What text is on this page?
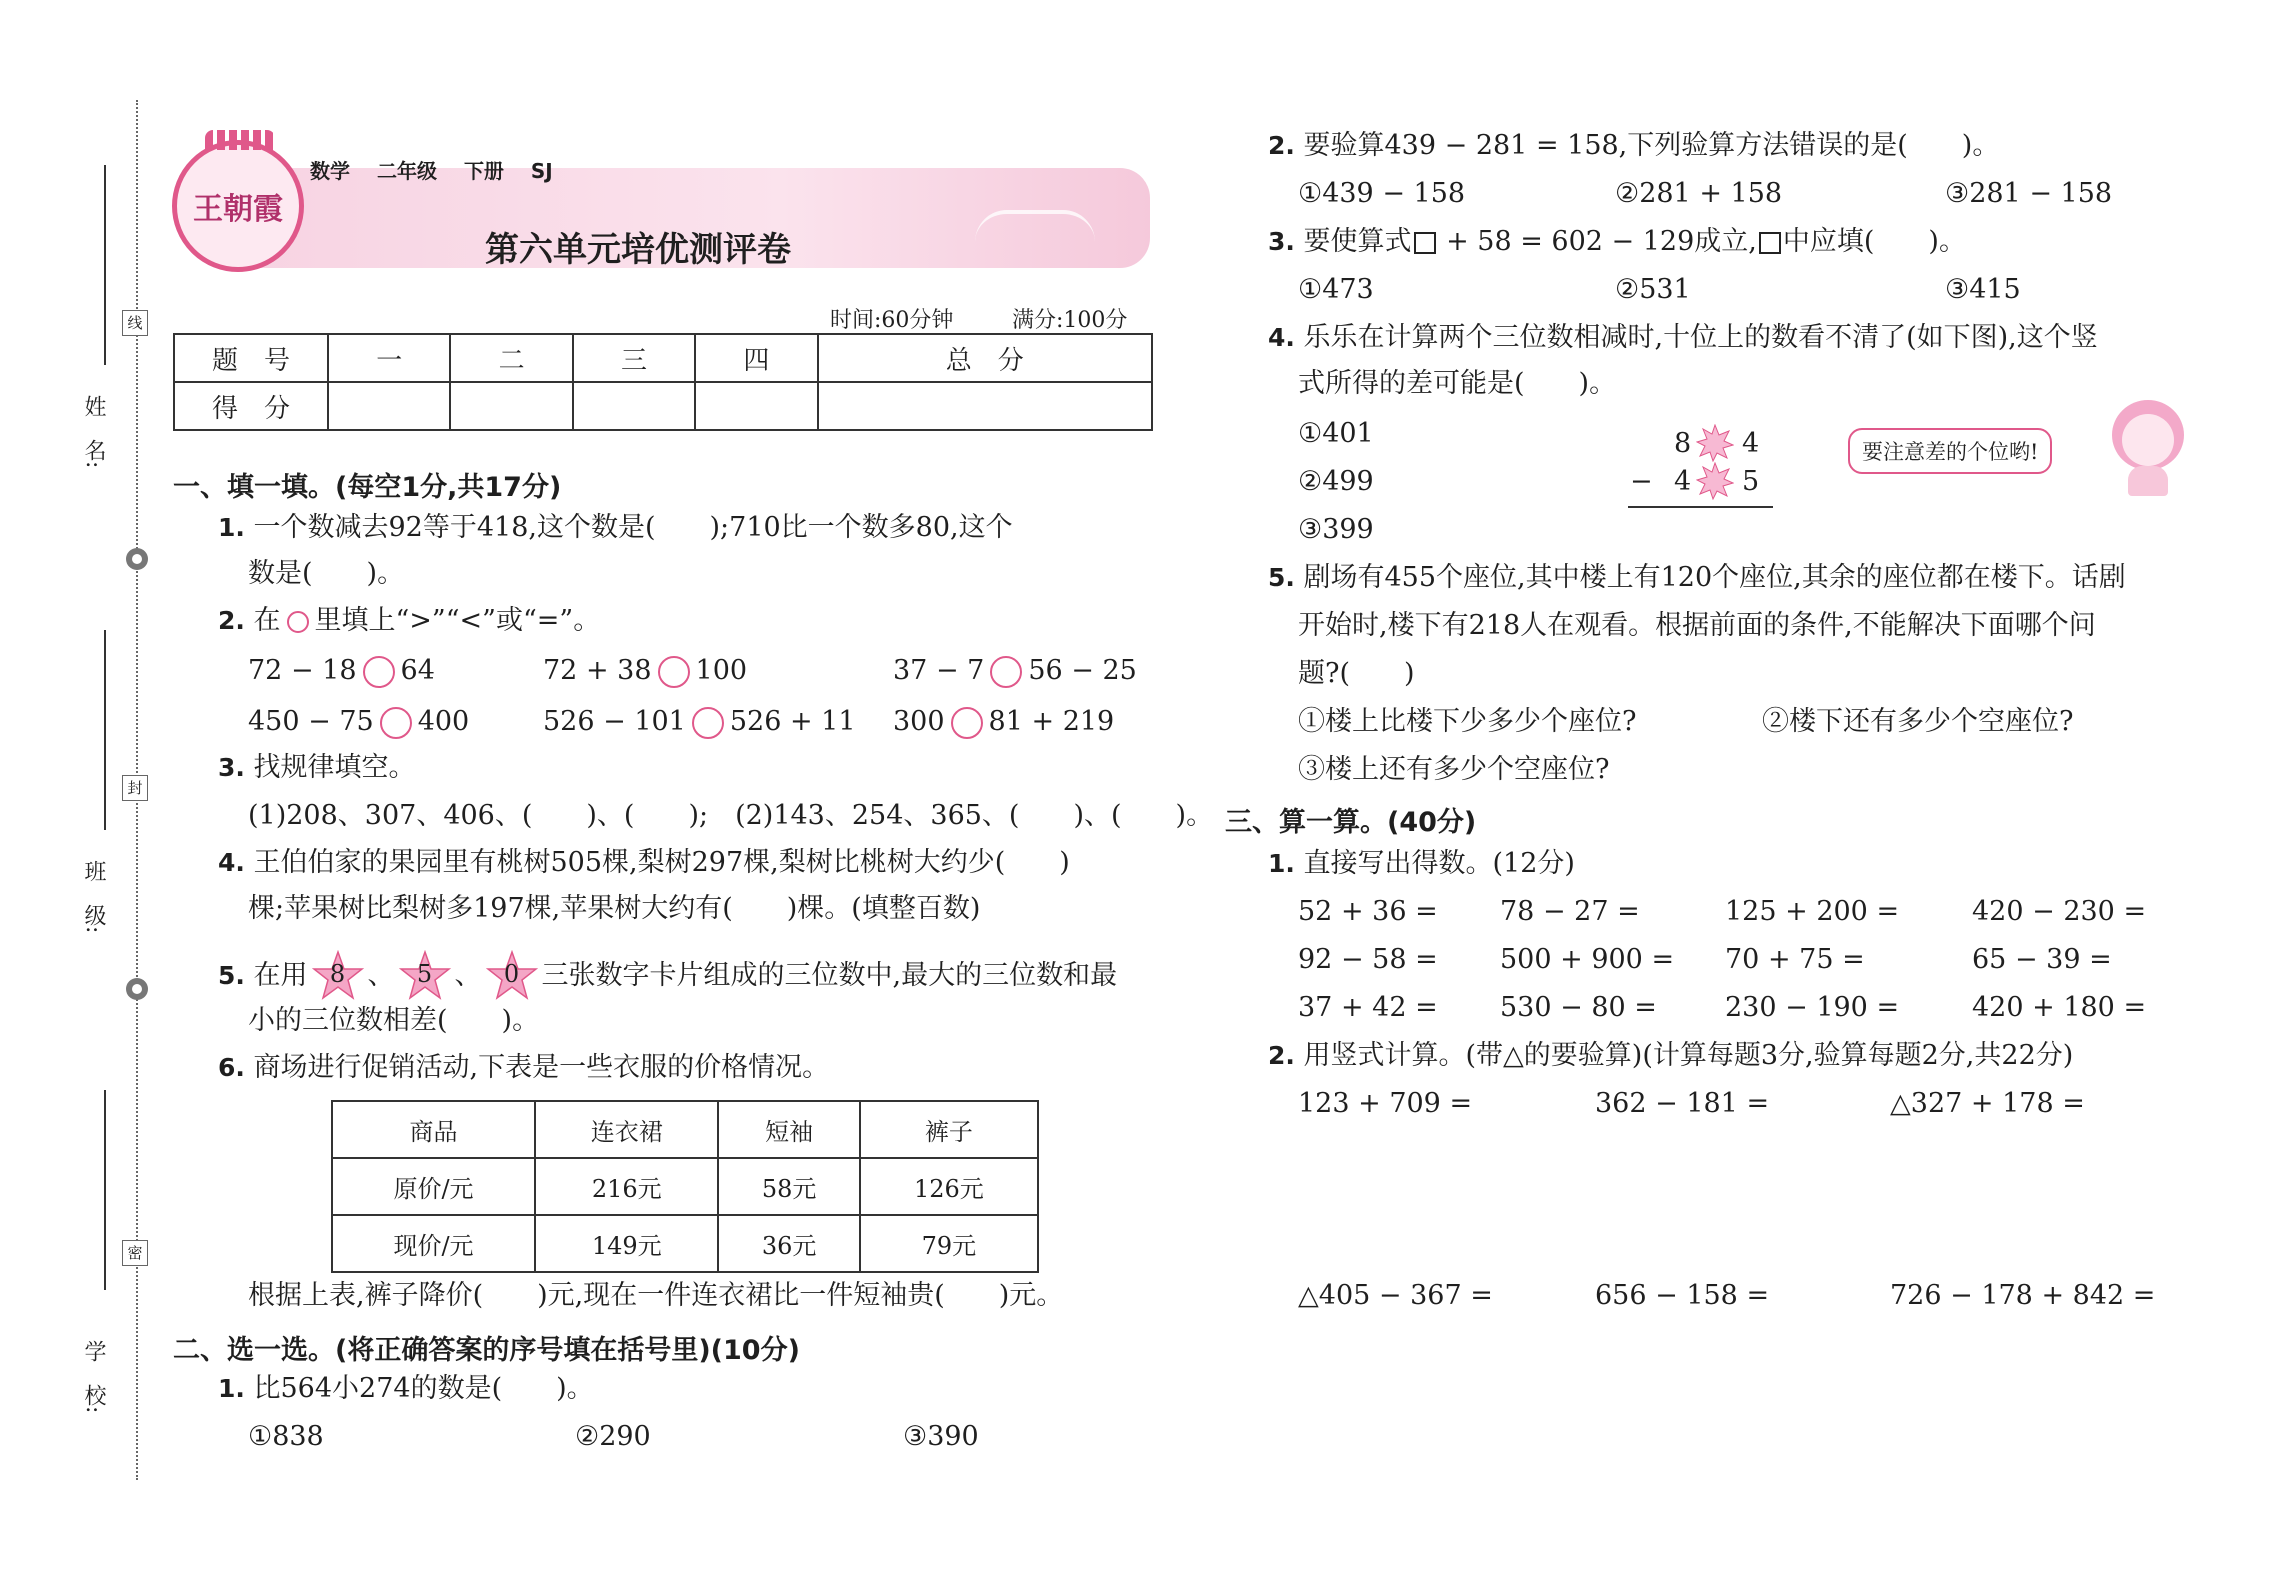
姓　名:
线
班　级:
封
学　校:
密
王朝霞
数学　 二年级　 下册　 SJ
第六单元培优测评卷
时间:60分钟	满分:100分
题　号	一	二	三	四	总　分
得　分					
一、填一填。(每空1分,共17分)
1. 一个数减去92等于418,这个数是(　　);710比一个数多80,这个
数是(　　)。
2. 在 里填上“>”“<”或“=”。
72 − 18 64	72 + 38 100	37 − 7 56 − 25
450 − 75 400	526 − 101 526 + 11 300 81 + 219
3. 找规律填空。
(1)208、307、406、(　　)、(　　);　(2)143、254、365、(　　)、(　　)。
4. 王伯伯家的果园里有桃树505棵,梨树297棵,梨树比桃树大约少(　　)
棵;苹果树比梨树多197棵,苹果树大约有(　　)棵。(填整百数)
5.
在用 8 、 5 、 0 三张数字卡片组成的三位数中,最大的三位数和最
小的三位数相差(　　)。
6. 商场进行促销活动,下表是一些衣服的价格情况。
商品	连衣裙	短袖	裤子
原价/元	216元	58元	126元
现价/元	149元	36元	79元
根据上表,裤子降价(　　)元,现在一件连衣裙比一件短袖贵(　　)元。
二、选一选。(将正确答案的序号填在括号里)(10分)
1. 比564小274的数是(　　)。
①838	②290	③390
2. 要验算439 − 281 = 158,下列验算方法错误的是(　　)。
①439 − 158	②281 + 158	③281 − 158
3. 要使算式 + 58 = 602 − 129成立, 中应填(　　)。
①473	②531	③415
4. 乐乐在计算两个三位数相减时,十位上的数看不清了(如下图),这个竖
式所得的差可能是(　　)。
①401
②499
③399
8 4
− 4 5
要注意差的个位哟!
5. 剧场有455个座位,其中楼上有120个座位,其余的座位都在楼下。话剧
开始时,楼下有218人在观看。根据前面的条件,不能解决下面哪个问
题?(　　)
①楼上比楼下少多少个座位?	②楼下还有多少个空座位?
③楼上还有多少个空座位?
三、算一算。(40分)
1. 直接写出得数。(12分)
52 + 36 = 78 − 27 =	125 + 200 =	420 − 230 =
92 − 58 = 500 + 900 = 70 + 75 =	65 − 39 =
37 + 42 = 530 − 80 =	230 − 190 =	420 + 180 =
2. 用竖式计算。(带△的要验算)(计算每题3分,验算每题2分,共22分)
123 + 709 =	362 − 181 =	△327 + 178 =
△405 − 367 =	656 − 158 =	726 − 178 + 842 =
